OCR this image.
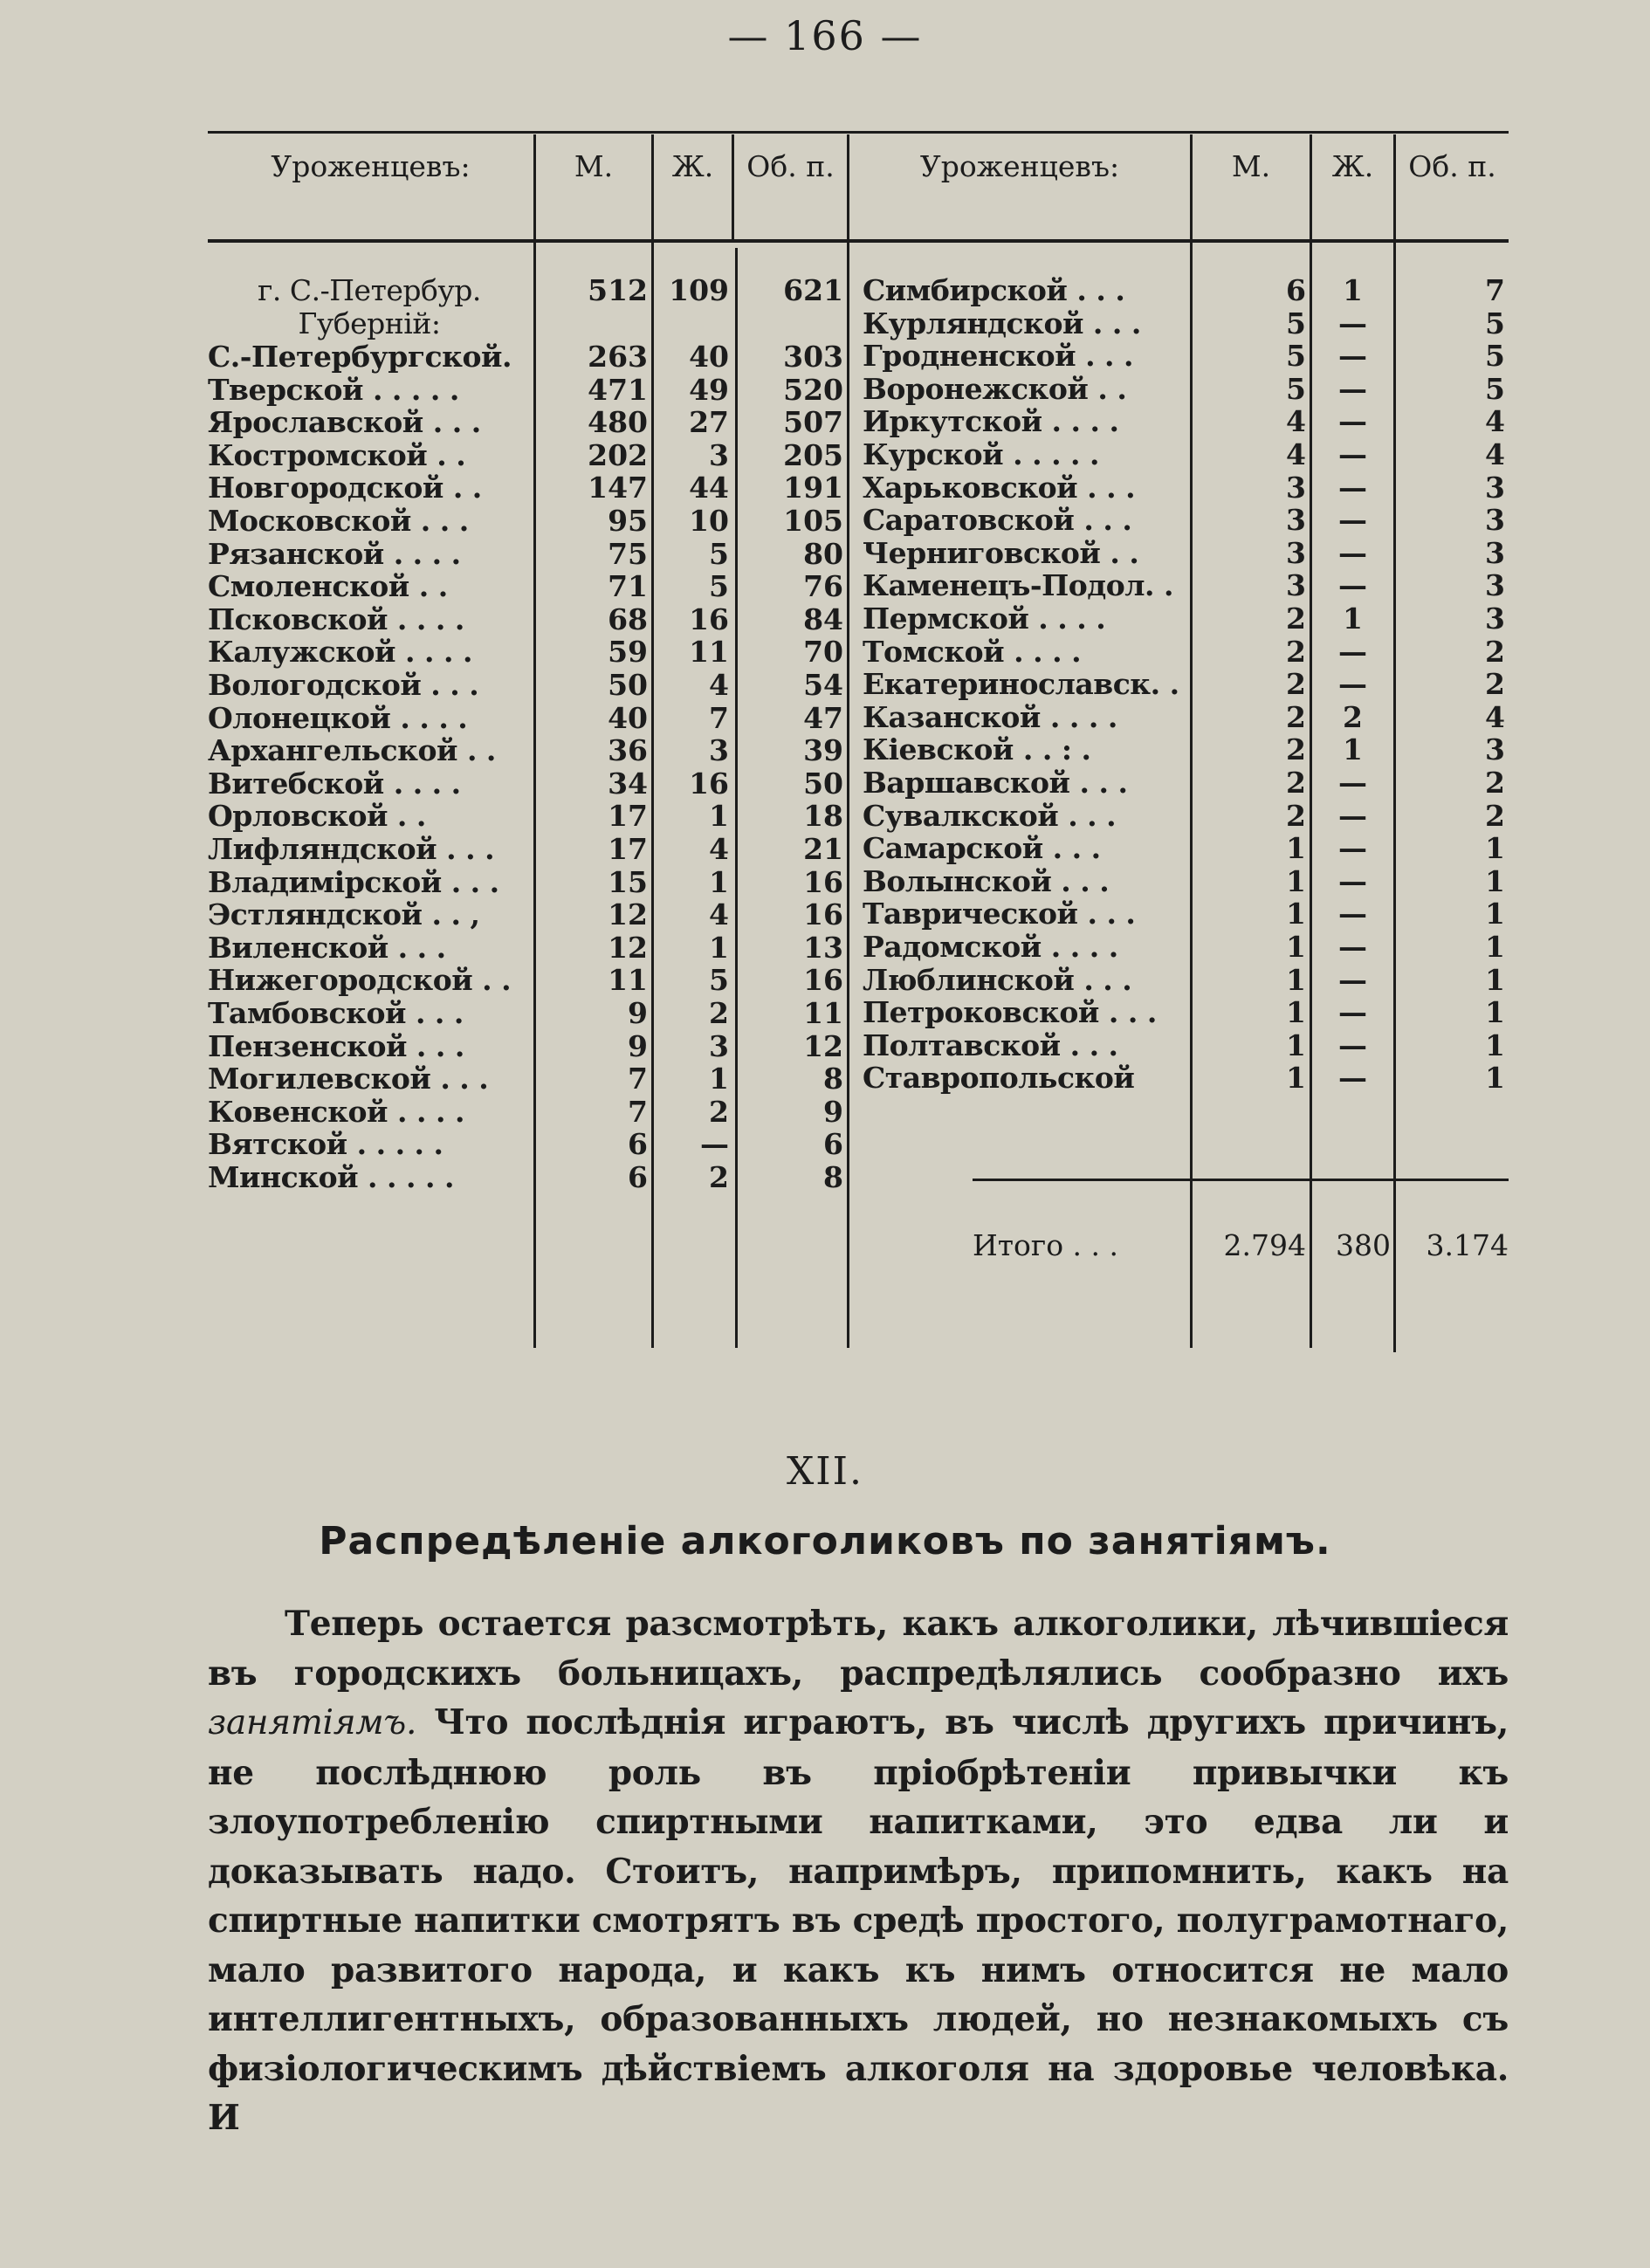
— 166 —
Уроженцевъ:	М.	Ж.	Об. п.	Уроженцевъ:	М.	Ж.	Об. п.
г. С.-Петербур.	512 109	621
Губерній:
С.-Петербургской.	263	40	303
Тверской . . . . .	471	49	520
Ярославской . . .	480	27	507
Костромской . .	202	3	205
Новгородской . .	147	44	191
Московской . . .	95	10	105
Рязанской . . . .	75	5	80
Смоленской . .	71	5	76
Псковской . . . .	68	16	84
Калужской . . . .	59	11	70
Вологодской . . .	50	4	54
Олонецкой . . . .	40	7	47
Архангельской . .	36	3	39
Витебской . . . .	34	16	50
Орловской . .	17	1	18
Лифляндской . . .	17	4	21
Владимірской . . .	15	1	16
Эстляндской . . ,	12	4	16
Виленской . . .	12	1	13
Нижегородской . .	11	5	16
Тамбовской . . .	9	2	11
Пензенской . . .	9	3	12
Могилевской . . .	7	1	8
Ковенской . . . .	7	2	9
Вятской . . . . .	6	—	6
Минской . . . . .	6	2	8
Симбирской . . .	6	1	7
Курляндской . . .	5	—	5
Гродненской . . .	5	—	5
Воронежской . .	5	—	5
Иркутской . . . .	4	—	4
Курской . . . . .	4	—	4
Харьковской . . .	3	—	3
Саратовской . . .	3	—	3
Черниговской . .	3	—	3
Каменецъ-Подол. .	3	—	3
Пермской . . . .	2	1	3
Томской . . . .	2	—	2
Екатеринославск. .	2	—	2
Казанской . . . .	2	2	4
Кіевской . . : .	2	1	3
Варшавской . . .	2	—	2
Сувалкской . . .	2	—	2
Самарской . . .	1	—	1
Волынской . . .	1	—	1
Таврической . . .	1	—	1
Радомской . . . .	1	—	1
Люблинской . . .	1	—	1
Петроковской . . .	1	—	1
Полтавской . . .	1	—	1
Ставропольской	1	—	1
Итого . . .	2.794	380	3.174
XII.
Распредѣленіе алкоголиковъ по занятіямъ.
Теперь остается разсмотрѣть, какъ алкоголики, лѣчившіеся въ городскихъ больницахъ, распредѣлялись сообразно ихъ занятіямъ. Что послѣднія играютъ, въ числѣ другихъ причинъ, не послѣднюю роль въ пріобрѣтеніи привычки къ злоупотребленію спиртными напитками, это едва ли и доказывать надо. Стоитъ, напримѣръ, припомнить, какъ на спиртные напитки смотрятъ въ средѣ простого, полуграмотнаго, мало развитого народа, и какъ къ нимъ относится не мало интеллигентныхъ, образованныхъ людей, но незнакомыхъ съ физіологическимъ дѣйствіемъ алкоголя на здоровье человѣка. И
